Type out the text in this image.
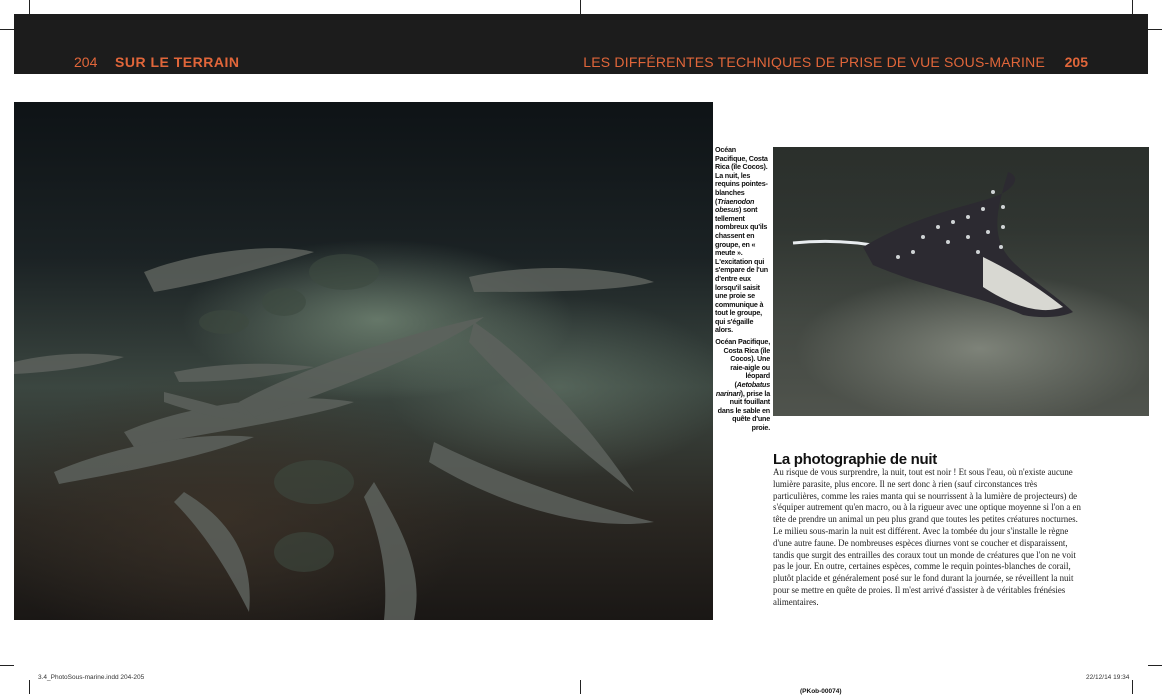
204 SUR LE TERRAIN	LES DIFFÉRENTES TECHNIQUES DE PRISE DE VUE SOUS-MARINE 205
Océan Pacifique, Costa Rica (île Cocos). La nuit, les requins pointes-blanches (Triaenodon obesus) sont tellement nombreux qu'ils chassent en groupe, en « meute ». L'excitation qui s'empare de l'un d'entre eux lorsqu'il saisit une proie se communique à tout le groupe, qui s'égaille alors.
Océan Pacifique, Costa Rica (île Cocos). Une raie-aigle ou léopard (Aetobatus narinari), prise la nuit fouillant dans le sable en quête d'une proie.
La photographie de nuit

Au risque de vous surprendre, la nuit, tout est noir ! Et sous l'eau, où n'existe aucune lumière parasite, plus encore. Il ne sert donc à rien (sauf circonstances très particulières, comme les raies manta qui se nourrissent à la lumière de projecteurs) de s'équiper autrement qu'en macro, ou à la rigueur avec une optique moyenne si l'on a en tête de prendre un animal un peu plus grand que toutes les petites créatures nocturnes.

Le milieu sous-marin la nuit est différent. Avec la tombée du jour s'installe le règne d'une autre faune. De nombreuses espèces diurnes vont se coucher et disparaissent, tandis que surgit des entrailles des coraux tout un monde de créatures que l'on ne voit pas le jour. En outre, certaines espèces, comme le requin pointes-blanches de corail, plutôt placide et généralement posé sur le fond durant la journée, se réveillent la nuit pour se mettre en quête de proies. Il m'est arrivé d'assister à de véritables frénésies alimentaires.

3.4_PhotoSous-marine.indd 204-205	22/12/14 19:34
(PKob-00074)
